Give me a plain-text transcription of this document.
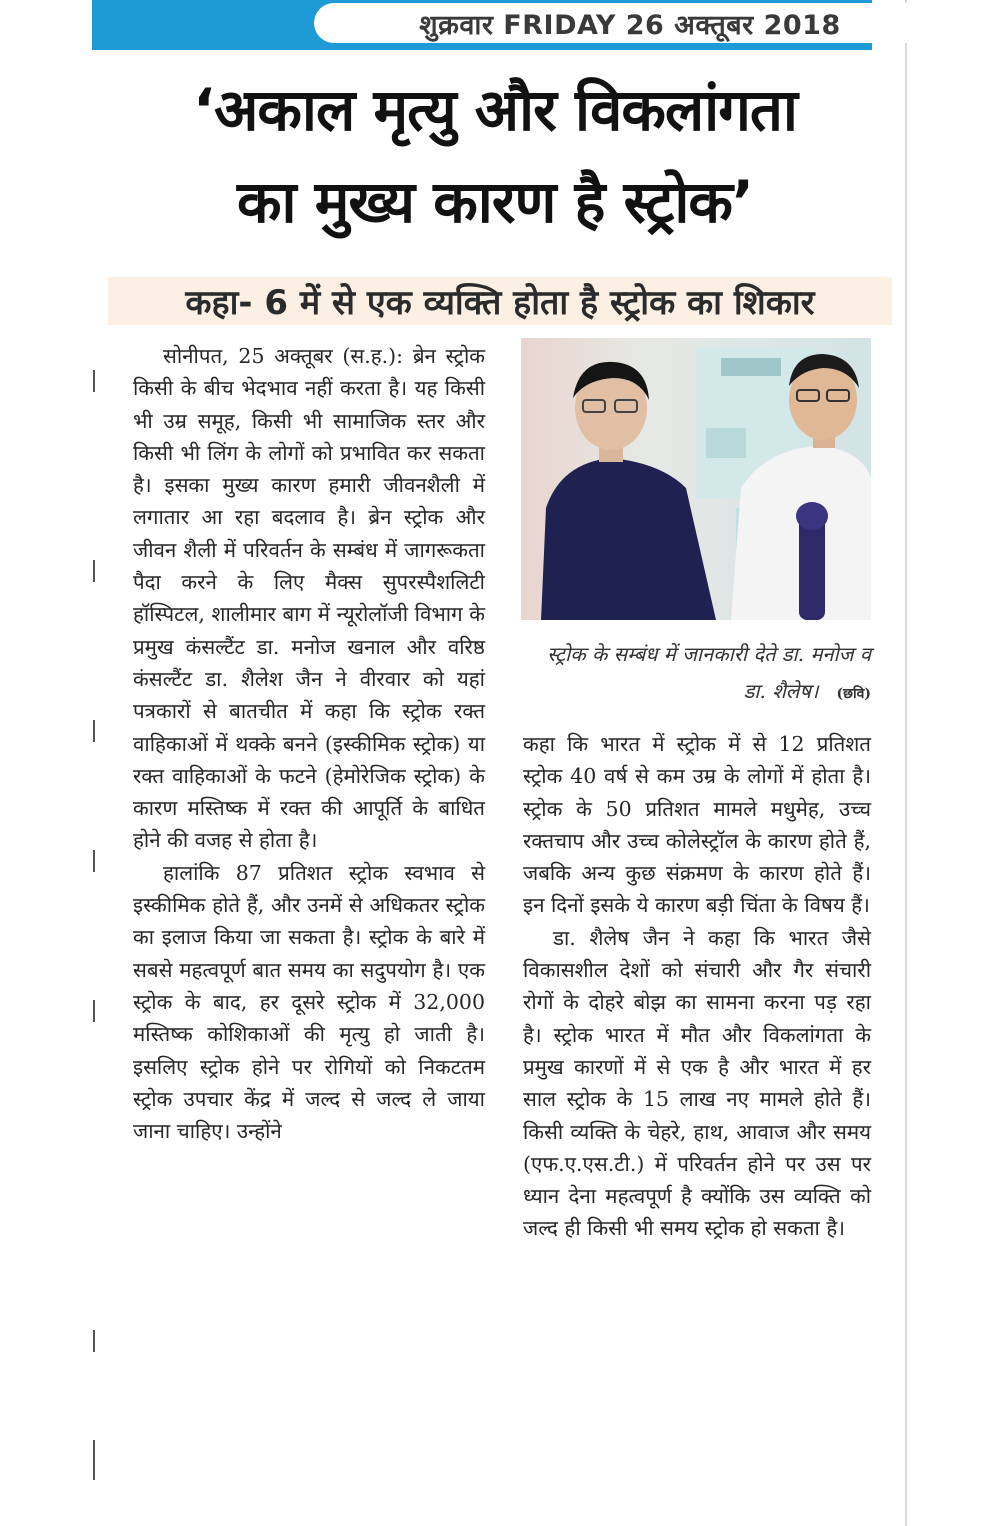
शुक्रवार FRIDAY 26 अक्तूबर 2018
‘अकाल मृत्यु और विकलांगता
का मुख्य कारण है स्ट्रोक’
कहा- 6 में से एक व्यक्ति होता है स्ट्रोक का शिकार

सोनीपत, 25 अक्तूबर (स.ह.): ब्रेन स्ट्रोक किसी के बीच भेदभाव नहीं करता है। यह किसी भी उम्र समूह, किसी भी सामाजिक स्तर और किसी भी लिंग के लोगों को प्रभावित कर सकता है। इसका मुख्य कारण हमारी जीवनशैली में लगातार आ रहा बदलाव है। ब्रेन स्ट्रोक और जीवन शैली में परिवर्तन के सम्बंध में जागरूकता पैदा करने के लिए मैक्स सुपरस्पैशलिटी हॉस्पिटल, शालीमार बाग में न्यूरोलॉजी विभाग के प्रमुख कंसल्टैंट डा. मनोज खनाल और वरिष्ठ कंसल्टैंट डा. शैलेश जैन ने वीरवार को यहां पत्रकारों से बातचीत में कहा कि स्ट्रोक रक्त वाहिकाओं में थक्के बनने (इस्कीमिक स्ट्रोक) या रक्त वाहिकाओं के फटने (हेमोरेजिक स्ट्रोक) के कारण मस्तिष्क में रक्त की आपूर्ति के बाधित होने की वजह से होता है।

हालांकि 87 प्रतिशत स्ट्रोक स्वभाव से इस्कीमिक होते हैं, और उनमें से अधिकतर स्ट्रोक का इलाज किया जा सकता है। स्ट्रोक के बारे में सबसे महत्वपूर्ण बात समय का सदुपयोग है। एक स्ट्रोक के बाद, हर दूसरे स्ट्रोक में 32,000 मस्तिष्क कोशिकाओं की मृत्यु हो जाती है। इसलिए स्ट्रोक होने पर रोगियों को निकटतम स्ट्रोक उपचार केंद्र में जल्द से जल्द ले जाया जाना चाहिए। उन्होंने

स्ट्रोक के सम्बंध में जानकारी देते डा. मनोज व डा. शैलेष। (छवि)

कहा कि भारत में स्ट्रोक में से 12 प्रतिशत स्ट्रोक 40 वर्ष से कम उम्र के लोगों में होता है। स्ट्रोक के 50 प्रतिशत मामले मधुमेह, उच्च रक्तचाप और उच्च कोलेस्ट्रॉल के कारण होते हैं, जबकि अन्य कुछ संक्रमण के कारण होते हैं। इन दिनों इसके ये कारण बड़ी चिंता के विषय हैं।

डा. शैलेष जैन ने कहा कि भारत जैसे विकासशील देशों को संचारी और गैर संचारी रोगों के दोहरे बोझ का सामना करना पड़ रहा है। स्ट्रोक भारत में मौत और विकलांगता के प्रमुख कारणों में से एक है और भारत में हर साल स्ट्रोक के 15 लाख नए मामले होते हैं। किसी व्यक्ति के चेहरे, हाथ, आवाज और समय (एफ.ए.एस.टी.) में परिवर्तन होने पर उस पर ध्यान देना महत्वपूर्ण है क्योंकि उस व्यक्ति को जल्द ही किसी भी समय स्ट्रोक हो सकता है।
